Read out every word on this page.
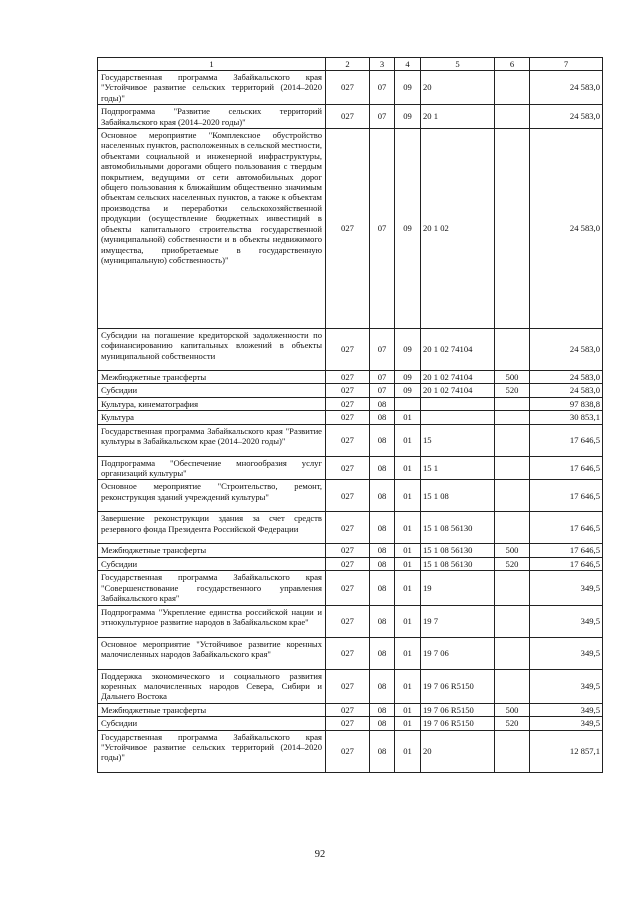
1	2	3	4	5	6	7
Государственная программа Забайкальского края "Устойчивое развитие сельских территорий (2014–2020 годы)"	027	07	09	20		24 583,0
Подпрограмма "Развитие сельских территорий Забайкальского края (2014–2020 годы)"	027	07	09	20 1		24 583,0
Основное мероприятие "Комплексное обустройство населенных пунктов, расположенных в сельской местности, объектами социальной и инженерной инфраструктуры, автомобильными дорогами общего пользования с твердым покрытием, ведущими от сети автомобильных дорог общего пользования к ближайшим общественно значимым объектам сельских населенных пунктов, а также к объектам производства и переработки сельскохозяйственной продукции (осуществление бюджетных инвестиций в объекты капитального строительства государственной (муниципальной) собственности и в объекты недвижимого имущества, приобретаемые в государственную (муниципальную) собственность)"	027	07	09	20 1 02		24 583,0
Субсидии на погашение кредиторской задолженности по софинансированию капитальных вложений в объекты муниципальной собственности	027	07	09	20 1 02 74104		24 583,0
Межбюджетные трансферты	027	07	09	20 1 02 74104	500	24 583,0
Субсидии	027	07	09	20 1 02 74104	520	24 583,0
Культура, кинематография	027	08				97 838,8
Культура	027	08	01			30 853,1
Государственная программа Забайкальского края "Развитие культуры в Забайкальском крае (2014–2020 годы)"	027	08	01	15		17 646,5
Подпрограмма "Обеспечение многообразия услуг организаций культуры"	027	08	01	15 1		17 646,5
Основное мероприятие "Строительство, ремонт, реконструкция зданий учреждений культуры"	027	08	01	15 1 08		17 646,5
Завершение реконструкции здания за счет средств резервного фонда Президента Российской Федерации	027	08	01	15 1 08 56130		17 646,5
Межбюджетные трансферты	027	08	01	15 1 08 56130	500	17 646,5
Субсидии	027	08	01	15 1 08 56130	520	17 646,5
Государственная программа Забайкальского края "Совершенствование государственного управления Забайкальского края"	027	08	01	19		349,5
Подпрограмма "Укрепление единства российской нации и этнокультурное развитие народов в Забайкальском крае"	027	08	01	19 7		349,5
Основное мероприятие "Устойчивое развитие коренных малочисленных народов Забайкальского края"	027	08	01	19 7 06		349,5
Поддержка экономического и социального развития коренных малочисленных народов Севера, Сибири и Дальнего Востока	027	08	01	19 7 06 R5150		349,5
Межбюджетные трансферты	027	08	01	19 7 06 R5150	500	349,5
Субсидии	027	08	01	19 7 06 R5150	520	349,5
Государственная программа Забайкальского края "Устойчивое развитие сельских территорий (2014–2020 годы)"	027	08	01	20		12 857,1
92
